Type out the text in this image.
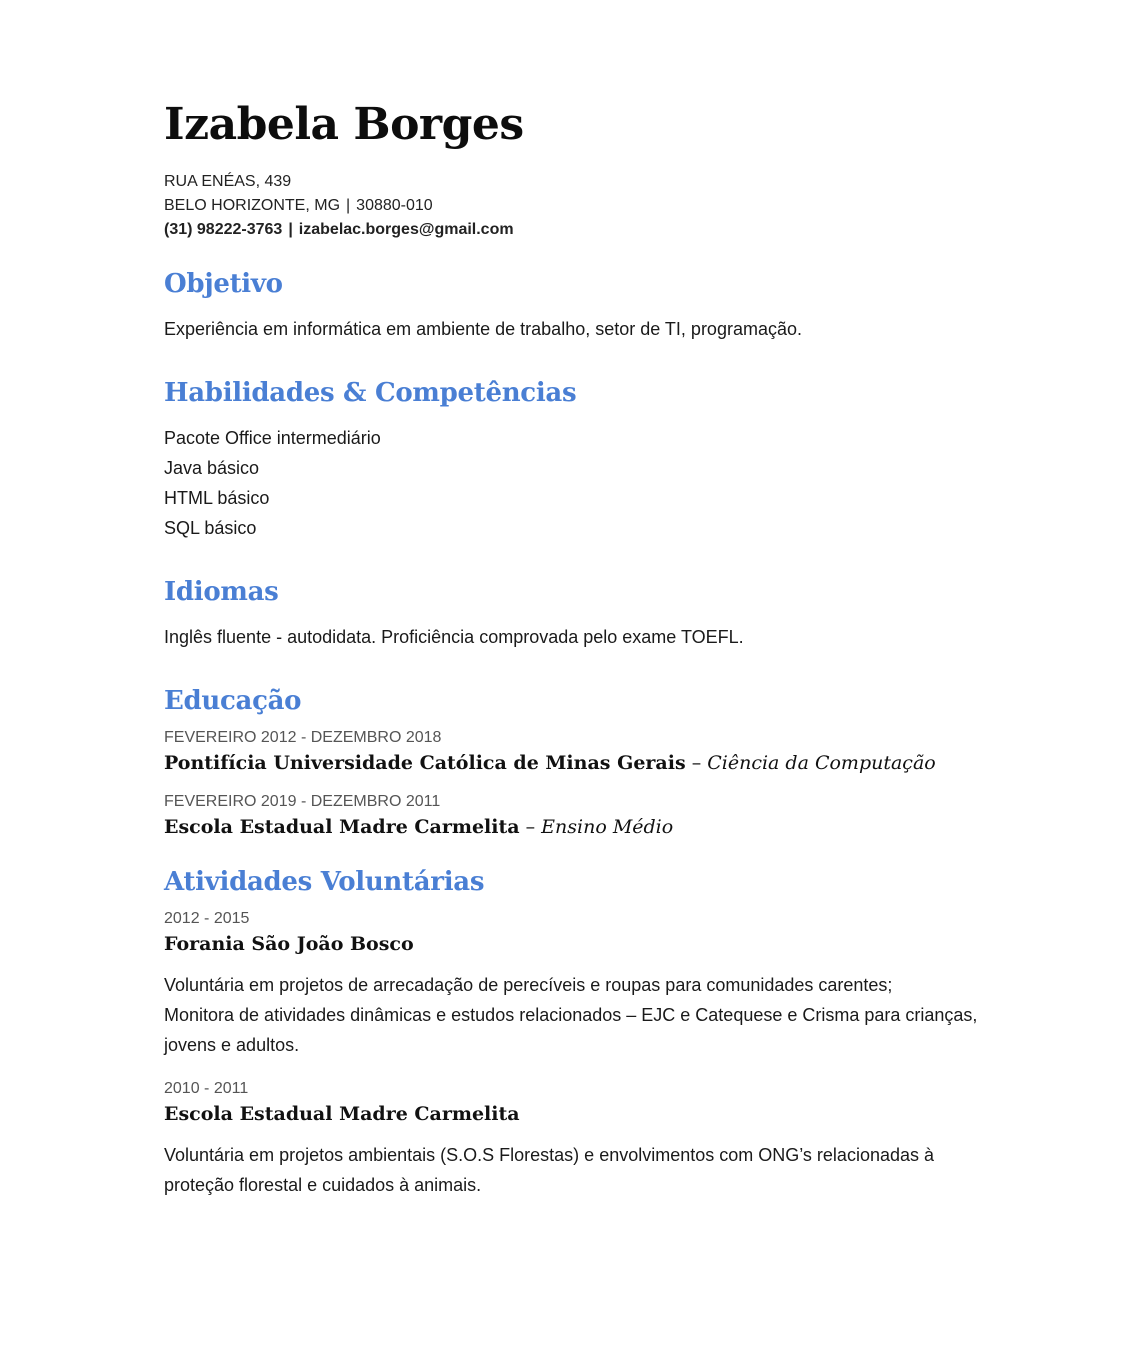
Izabela Borges
RUA ENÉAS, 439
BELO HORIZONTE, MG | 30880-010
(31) 98222-3763 | izabelac.borges@gmail.com
Objetivo
Experiência em informática em ambiente de trabalho, setor de TI, programação.
Habilidades & Competências
Pacote Office intermediário
Java básico
HTML básico
SQL básico
Idiomas
Inglês fluente - autodidata. Proficiência comprovada pelo exame TOEFL.
Educação
FEVEREIRO 2012 - DEZEMBRO 2018
Pontifícia Universidade Católica de Minas Gerais – Ciência da Computação
FEVEREIRO 2019 - DEZEMBRO 2011
Escola Estadual Madre Carmelita – Ensino Médio
Atividades Voluntárias
2012 - 2015
Forania São João Bosco
Voluntária em projetos de arrecadação de perecíveis e roupas para comunidades carentes;
Monitora de atividades dinâmicas e estudos relacionados – EJC e Catequese e Crisma para crianças,
jovens e adultos.
2010 - 2011
Escola Estadual Madre Carmelita
Voluntária em projetos ambientais (S.O.S Florestas) e envolvimentos com ONG’s relacionadas à
proteção florestal e cuidados à animais.
